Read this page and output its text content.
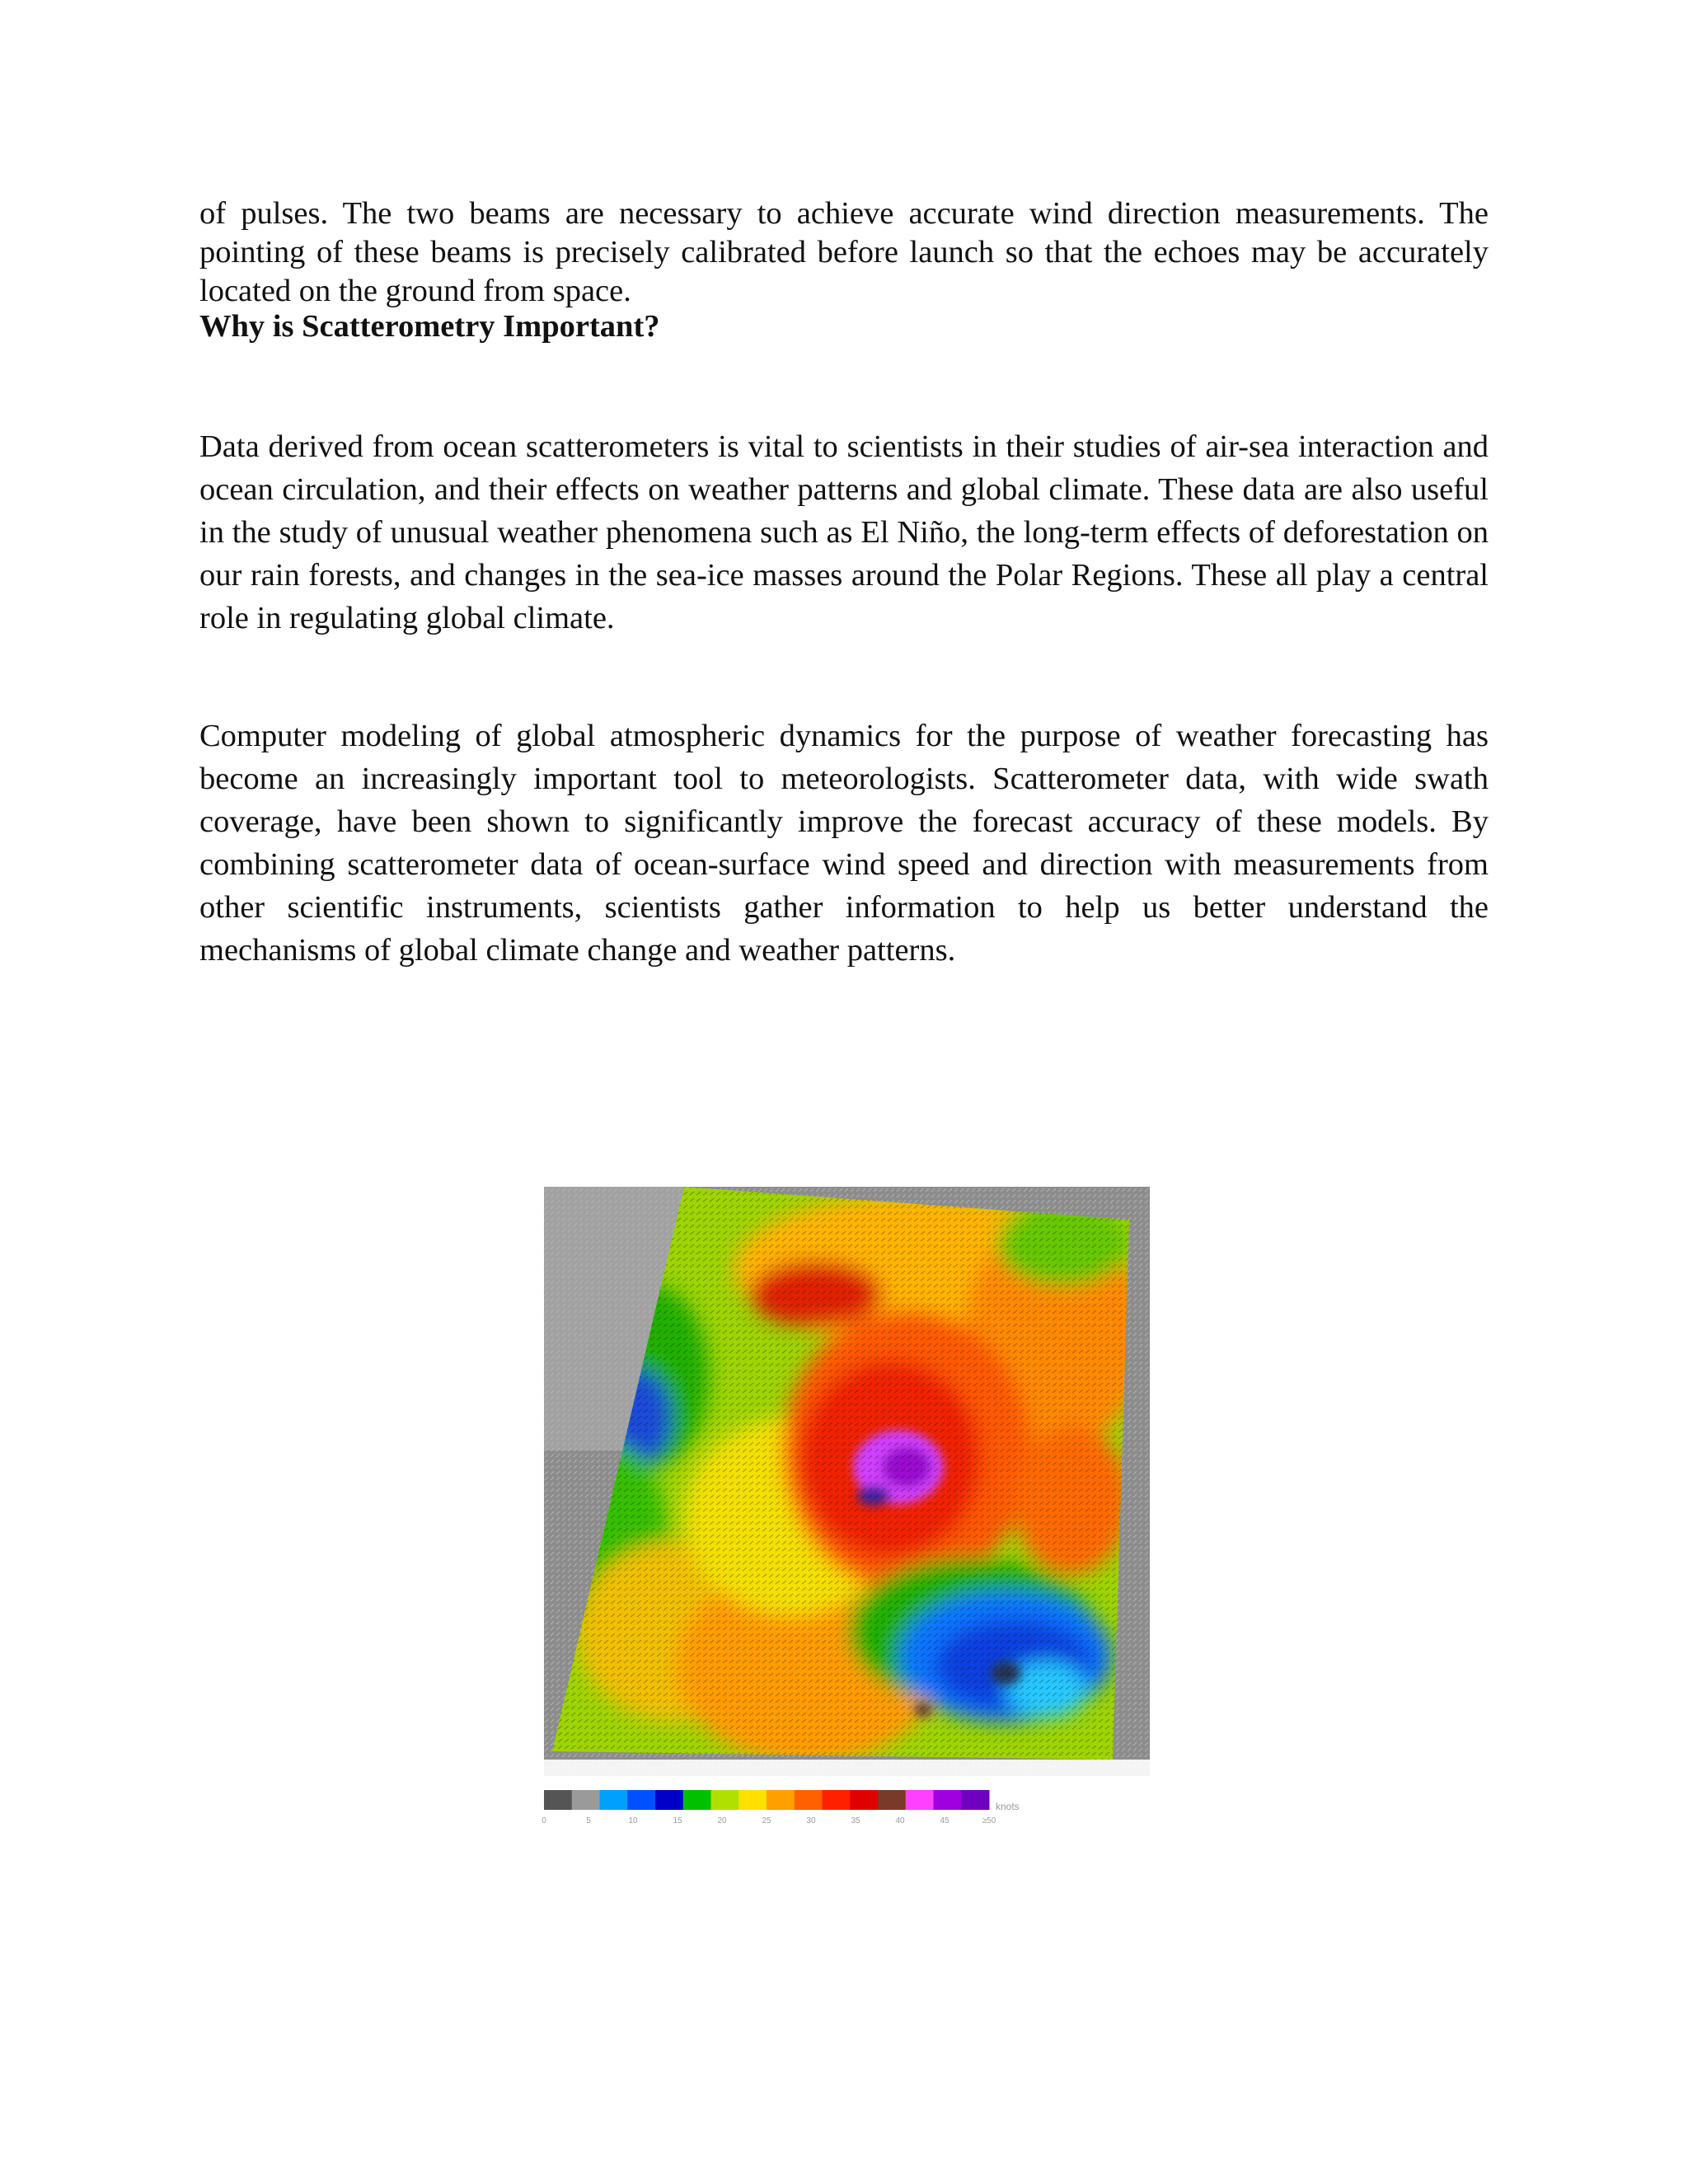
of pulses. The two beams are necessary to achieve accurate wind direction measurements. The pointing of these beams is precisely calibrated before launch so that the echoes may be accurately located on the ground from space.

Why is Scatterometry Important?

Data derived from ocean scatterometers is vital to scientists in their studies of air-sea interaction and ocean circulation, and their effects on weather patterns and global climate. These data are also useful in the study of unusual weather phenomena such as El Niño, the long-term effects of deforestation on our rain forests, and changes in the sea-ice masses around the Polar Regions. These all play a central role in regulating global climate.

Computer modeling of global atmospheric dynamics for the purpose of weather forecasting has become an increasingly important tool to meteorologists. Scatterometer data, with wide swath coverage, have been shown to significantly improve the forecast accuracy of these models. By combining scatterometer data of ocean-surface wind speed and direction with measurements from other scientific instruments, scientists gather information to help us better understand the mechanisms of global climate change and weather patterns.

0	5	10	15	20	25	30	35	40	45	≥50
knots
